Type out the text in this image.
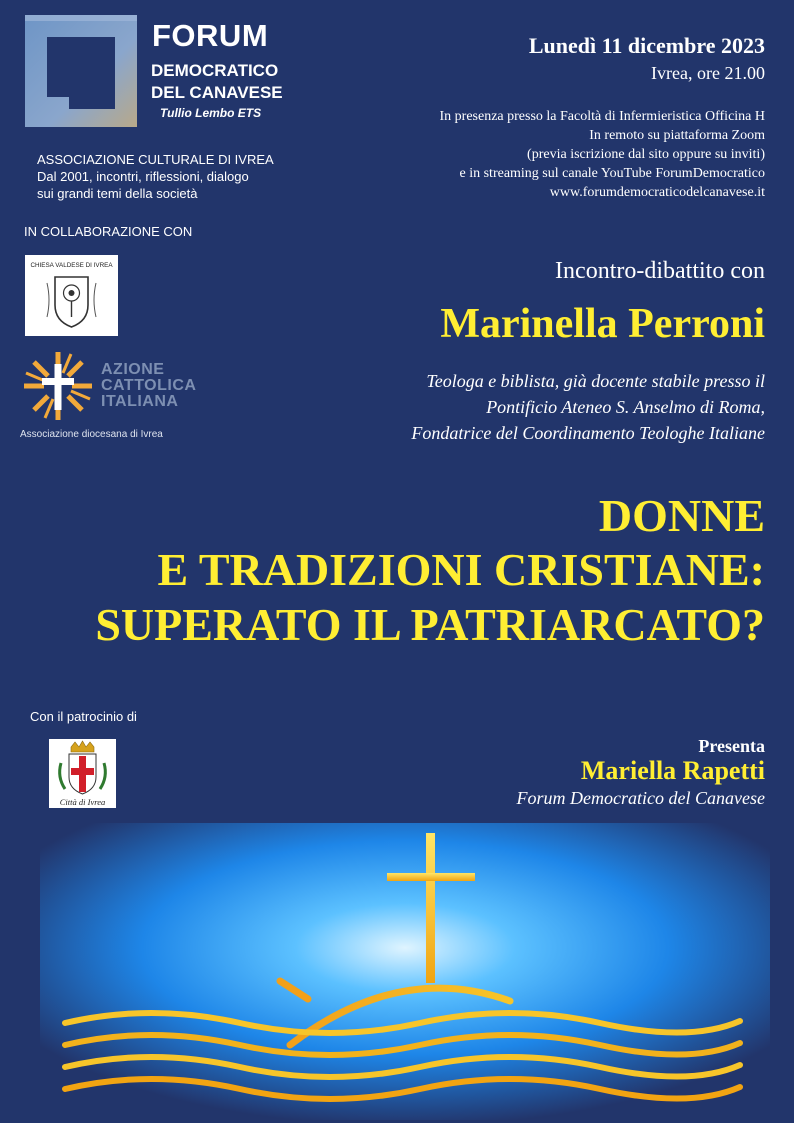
FORUM
DEMOCRATICO
DEL CANAVESE
Tullio Lembo ETS
ASSOCIAZIONE CULTURALE DI IVREA
Dal 2001, incontri, riflessioni, dialogo
sui grandi temi della società
IN COLLABORAZIONE CON
CHIESA VALDESE DI IVREA
AZIONE
CATTOLICA
ITALIANA
Associazione diocesana di Ivrea
Con il patrocinio di
Città di Ivrea
Lunedì 11 dicembre 2023
Ivrea, ore 21.00
In presenza presso la Facoltà di Infermieristica Officina H
In remoto su piattaforma Zoom
(previa iscrizione dal sito oppure su inviti)
e in streaming sul canale YouTube ForumDemocratico
www.forumdemocraticodelcanavese.it
Incontro-dibattito con
Marinella Perroni
Teologa e biblista, già docente stabile presso il
Pontificio Ateneo S. Anselmo di Roma,
Fondatrice del Coordinamento Teologhe Italiane
DONNE
E TRADIZIONI CRISTIANE:
SUPERATO IL PATRIARCATO?
Presenta
Mariella Rapetti
Forum Democratico del Canavese
